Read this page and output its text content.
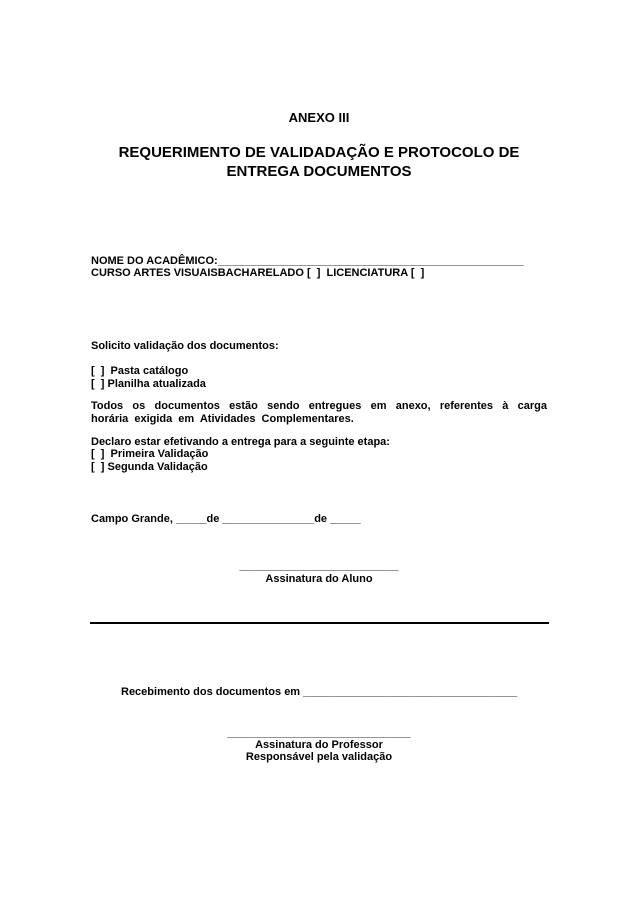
ANEXO III
REQUERIMENTO DE VALIDADAÇÃO E PROTOCOLO DE
ENTREGA DOCUMENTOS
NOME DO ACADÊMICO:__________________________________________________
CURSO ARTES VISUAISBACHARELADO [  ]  LICENCIATURA [  ]
Solicito validação dos documentos:
[  ]  Pasta catálogo
[  ] Planilha atualizada
Todos os documentos estão sendo entregues em anexo, referentes à carga horária exigida em Atividades Complementares.
Declaro estar efetivando a entrega para a seguinte etapa:
[  ]  Primeira Validação
[  ] Segunda Validação
Campo Grande, _____de _______________de _____
__________________________
Assinatura do Aluno
Recebimento dos documentos em ___________________________________
______________________________
Assinatura do Professor
Responsável pela validação
